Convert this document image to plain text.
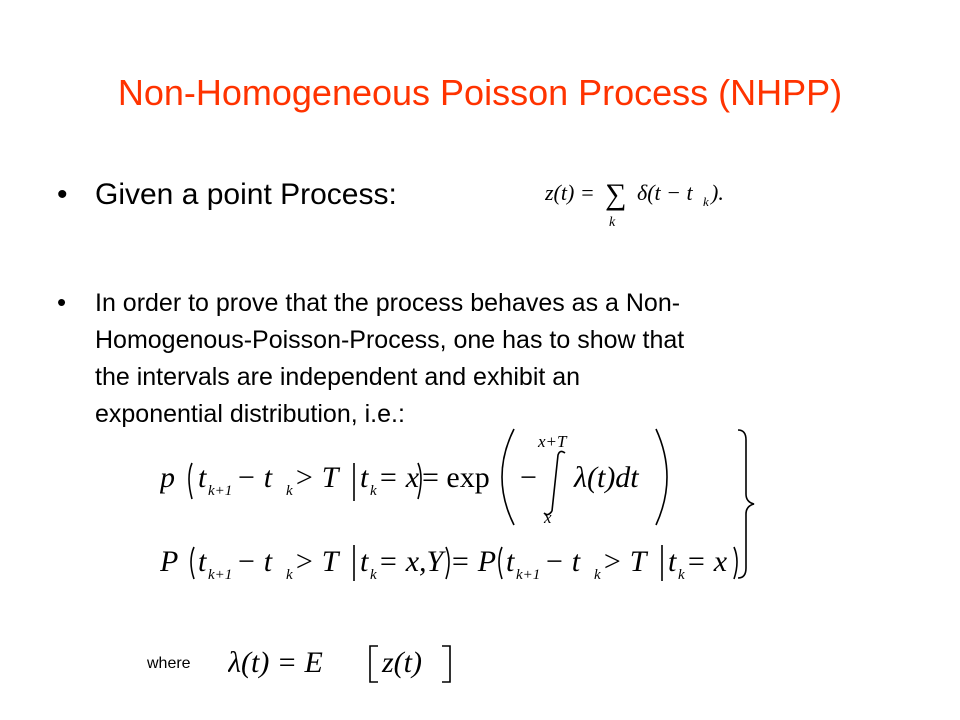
Non-Homogeneous Poisson Process (NHPP)
• Given a point Process:	z(t) = ∑
k
δ(t − t k ).
• In order to prove that the process behaves as a Non-
Homogenous-Poisson-Process, one has to show that
the intervals are independent and exhibit an
exponential distribution, i.e.:
p t k+1 − t k > T t k = x = exp −
x+T
x
λ(t)dt
P t k+1 − t k > T t k = x,Y = P t k+1 − t k > T t k = x
where λ(t) = E z(t)
